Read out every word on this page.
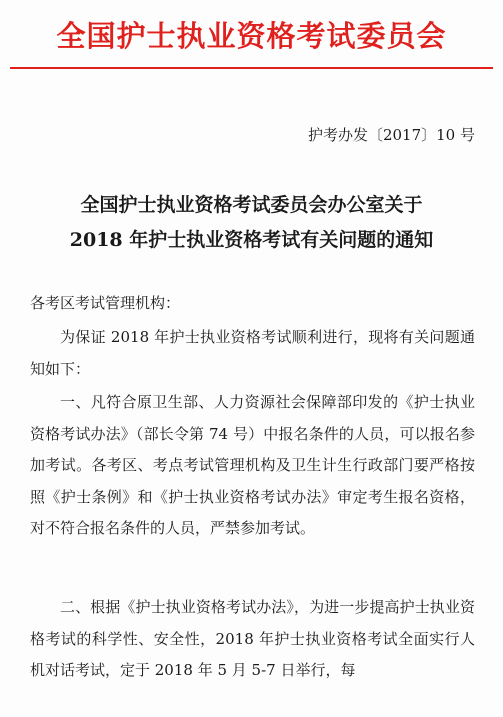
全国护士执业资格考试委员会
护考办发〔2017〕10 号
全国护士执业资格考试委员会办公室关于
2018 年护士执业资格考试有关问题的通知
各考区考试管理机构：
为保证 2018 年护士执业资格考试顺利进行，现将有关问题通知如下：
一、凡符合原卫生部、人力资源社会保障部印发的《护士执业资格考试办法》（部长令第 74 号）中报名条件的人员，可以报名参加考试。各考区、考点考试管理机构及卫生计生行政部门要严格按照《护士条例》和《护士执业资格考试办法》审定考生报名资格，对不符合报名条件的人员，严禁参加考试。
二、根据《护士执业资格考试办法》，为进一步提高护士执业资格考试的科学性、安全性，2018 年护士执业资格考试全面实行人机对话考试，定于 2018 年 5 月 5-7 日举行，每
